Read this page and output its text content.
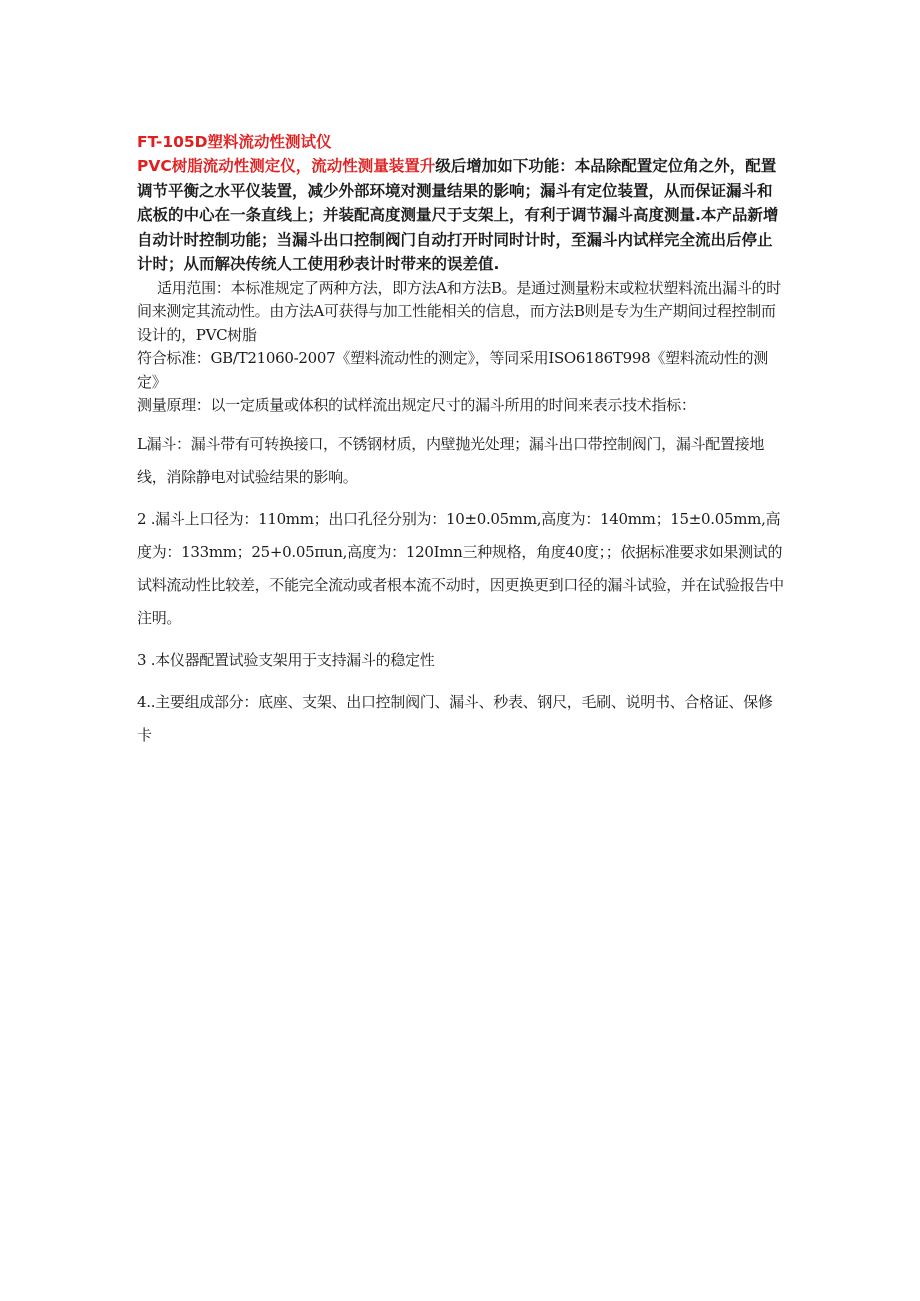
FT-105D塑料流动性测试仪

PVC树脂流动性测定仪，流动性测量装置升级后增加如下功能：本品除配置定位角之外，配置调节平衡之水平仪装置，减少外部环境对测量结果的影响；漏斗有定位装置，从而保证漏斗和底板的中心在一条直线上；并装配高度测量尺于支架上，有利于调节漏斗高度测量.本产品新增自动计时控制功能；当漏斗出口控制阀门自动打开时同时计时，至漏斗内试样完全流出后停止计时；从而解决传统人工使用秒表计时带来的误差值.

适用范围：本标准规定了两种方法，即方法A和方法B。是通过测量粉末或粒状塑料流出漏斗的时间来测定其流动性。由方法A可获得与加工性能相关的信息，而方法B则是专为生产期间过程控制而设计的，PVC树脂

符合标准：GB/T21060-2007《塑料流动性的测定》，等同采用ISO6186T998《塑料流动性的测定》

测量原理：以一定质量或体积的试样流出规定尺寸的漏斗所用的时间来表示技术指标：

L漏斗：漏斗带有可转换接口，不锈钢材质，内壁抛光处理；漏斗出口带控制阀门，漏斗配置接地线，消除静电对试验结果的影响。

2 .漏斗上口径为：110mm；出口孔径分别为：10±0.05mm,高度为：140mm；15±0.05mm,高度为：133mm；25+0.05πun,高度为：120Imn三种规格，角度40度；；依据标准要求如果测试的试料流动性比较差，不能完全流动或者根本流不动时，因更换更到口径的漏斗试验，并在试验报告中注明。

3 .本仪器配置试验支架用于支持漏斗的稳定性

4..主要组成部分：底座、支架、出口控制阀门、漏斗、秒表、钢尺，毛刷、说明书、合格证、保修卡
